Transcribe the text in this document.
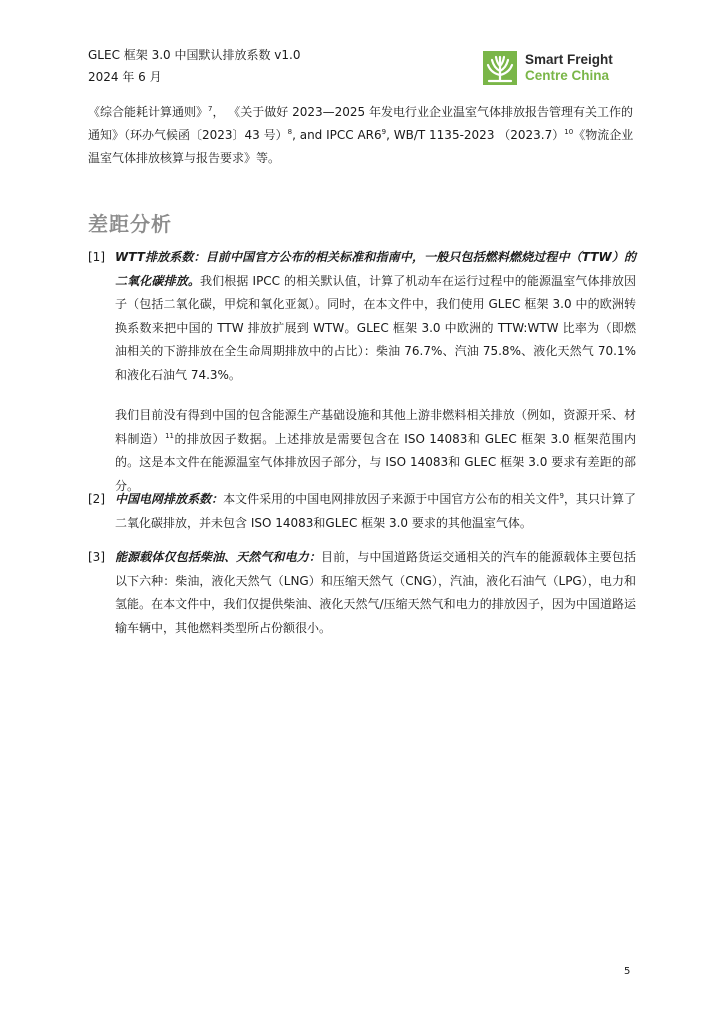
GLEC 框架 3.0 中国默认排放系数 v1.0
2024 年 6 月
Smart Freight
Centre China
《综合能耗计算通则》$^7$， 《关于做好 2023—2025 年发电行业企业温室气体排放报告管理有关工作的通知》（环办气候函〔2023〕43 号）$^8$, and IPCC $AR6^9$, WB/T 1135-2023 $(2023.7)^{10}$《物流企业温室气体排放核算与报告要求》等。
差距分析
[1] WTT排放系数：目前中国官方公布的相关标准和指南中，一般只包括燃料燃烧过程中（TTW）的二氧化碳排放。我们根据 IPCC 的相关默认值，计算了机动车在运行过程中的能源温室气体排放因子（包括二氧化碳，甲烷和氧化亚氮）。同时，在本文件中，我们使用 GLEC 框架 3.0 中的欧洲转换系数来把中国的 TTW 排放扩展到 WTW。GLEC 框架 3.0 中欧洲的 TTW:WTW 比率为（即燃油相关的下游排放在全生命周期排放中的占比）：柴油 76.7%、汽油 75.8%、液化天然气 70.1% 和液化石油气 74.3%。
我们目前没有得到中国的包含能源生产基础设施和其他上游非燃料相关排放（例如，资源开采、材料制造）$^{11}$的排放因子数据。上述排放是需要包含在 ISO 14083和 GLEC 框架 3.0 框架范围内的。这是本文件在能源温室气体排放因子部分，与 ISO 14083和 GLEC 框架 3.0 要求有差距的部分。
[2] 中国电网排放系数：本文件采用的中国电网排放因子来源于中国官方公布的相关文件$^9$，其只计算了二氧化碳排放，并未包含 ISO 14083和GLEC 框架 3.0 要求的其他温室气体。
[3] 能源载体仅包括柴油、天然气和电力：目前，与中国道路货运交通相关的汽车的能源载体主要包括以下六种：柴油，液化天然气（LNG）和压缩天然气（CNG），汽油，液化石油气（LPG），电力和氢能。在本文件中，我们仅提供柴油、液化天然气/压缩天然气和电力的排放因子，因为中国道路运输车辆中，其他燃料类型所占份额很小。
5
